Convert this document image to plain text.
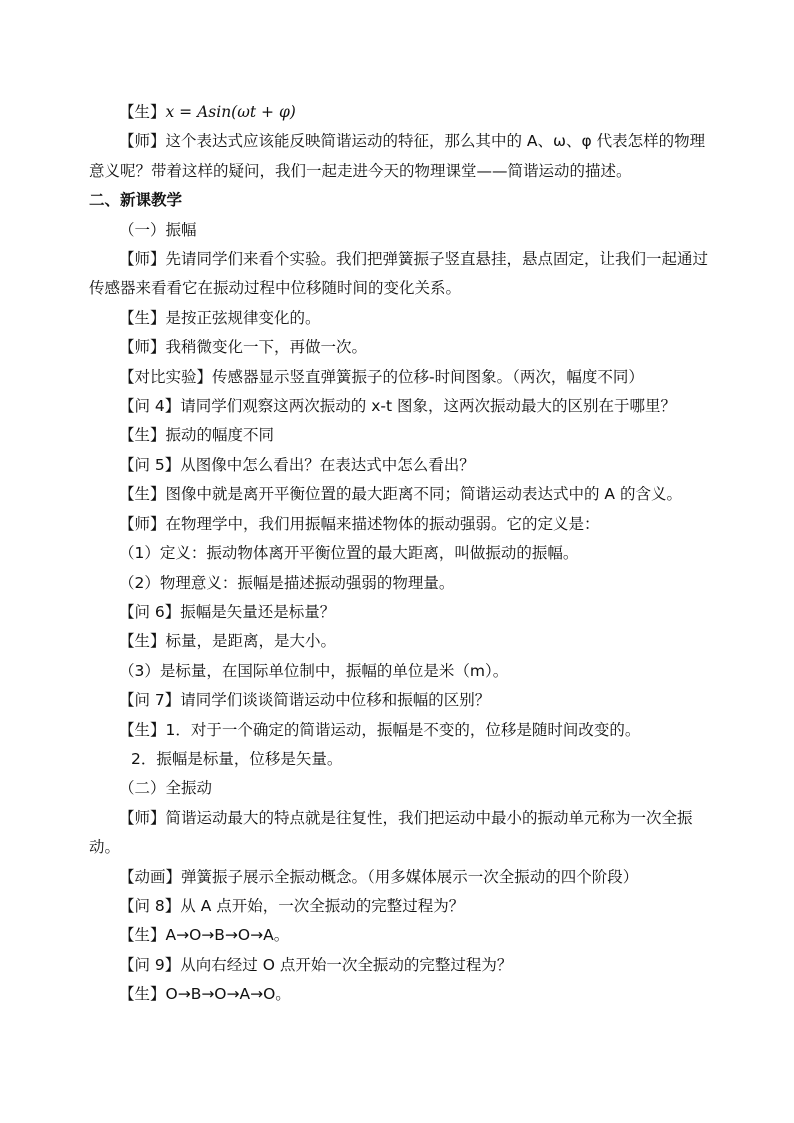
【生】x = Asin(ωt + φ)

【师】这个表达式应该能反映简谐运动的特征，那么其中的 A、ω、φ 代表怎样的物理意义呢？带着这样的疑问，我们一起走进今天的物理课堂——简谐运动的描述。

二、新课教学

（一）振幅

【师】先请同学们来看个实验。我们把弹簧振子竖直悬挂，悬点固定，让我们一起通过传感器来看看它在振动过程中位移随时间的变化关系。

【生】是按正弦规律变化的。

【师】我稍微变化一下，再做一次。

【对比实验】传感器显示竖直弹簧振子的位移-时间图象。（两次，幅度不同）

【问 4】请同学们观察这两次振动的 x-t 图象，这两次振动最大的区别在于哪里？

【生】振动的幅度不同

【问 5】从图像中怎么看出？在表达式中怎么看出？

【生】图像中就是离开平衡位置的最大距离不同；简谐运动表达式中的 A 的含义。

【师】在物理学中，我们用振幅来描述物体的振动强弱。它的定义是：

（1）定义：振动物体离开平衡位置的最大距离，叫做振动的振幅。

（2）物理意义：振幅是描述振动强弱的物理量。

【问 6】振幅是矢量还是标量？

【生】标量，是距离，是大小。

（3）是标量，在国际单位制中，振幅的单位是米（m）。

【问 7】请同学们谈谈简谐运动中位移和振幅的区别？

【生】1．对于一个确定的简谐运动，振幅是不变的，位移是随时间改变的。

2．振幅是标量，位移是矢量。

（二）全振动

【师】简谐运动最大的特点就是往复性，我们把运动中最小的振动单元称为一次全振动。

【动画】弹簧振子展示全振动概念。（用多媒体展示一次全振动的四个阶段）

【问 8】从 A 点开始，一次全振动的完整过程为？

【生】A→O→B→O→A。

【问 9】从向右经过 O 点开始一次全振动的完整过程为？

【生】O→B→O→A→O。
